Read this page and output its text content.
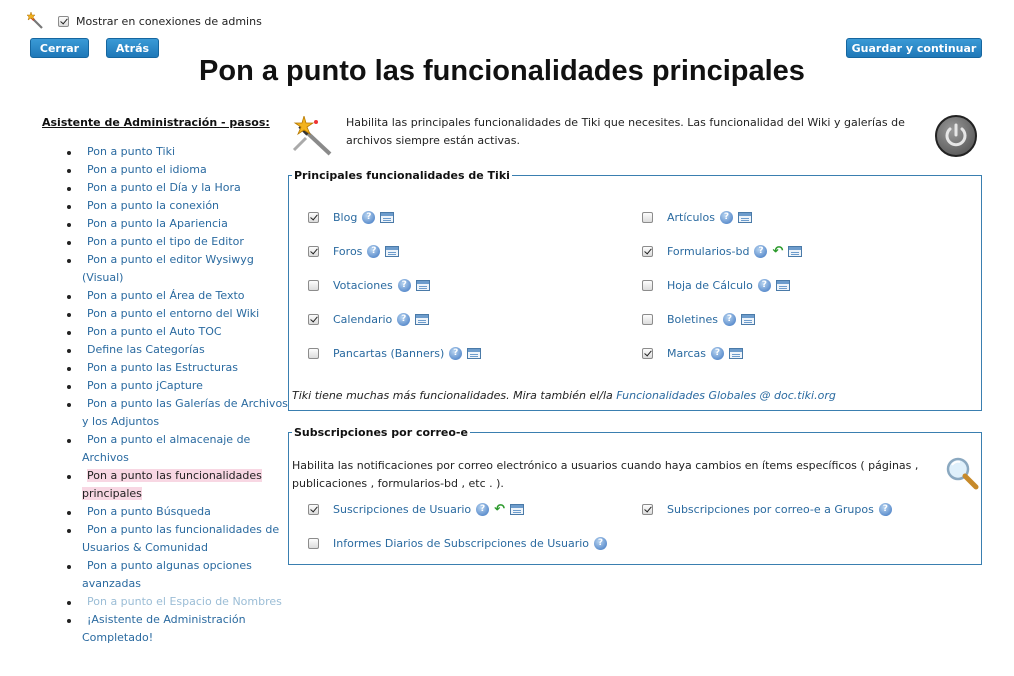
Mostrar en conexiones de admins
Cerrar	Atrás	Guardar y continuar
Pon a punto las funcionalidades principales
Asistente de Administración - pasos:
Pon a punto Tiki
Pon a punto el idioma
Pon a punto el Día y la Hora
Pon a punto la conexión
Pon a punto la Apariencia
Pon a punto el tipo de Editor
Pon a punto el editor Wysiwyg (Visual)
Pon a punto el Área de Texto
Pon a punto el entorno del Wiki
Pon a punto el Auto TOC
Define las Categorías
Pon a punto las Estructuras
Pon a punto jCapture
Pon a punto las Galerías de Archivos y los Adjuntos
Pon a punto el almacenaje de Archivos
Pon a punto las funcionalidades principales
Pon a punto Búsqueda
Pon a punto las funcionalidades de Usuarios & Comunidad
Pon a punto algunas opciones avanzadas
Pon a punto el Espacio de Nombres
¡Asistente de Administración Completado!
Habilita las principales funcionalidades de Tiki que necesites. Las funcionalidad del Wiki y galerías de archivos siempre están activas.
Principales funcionalidades de Tiki
Blog ?	Artículos ?
Foros ?	Formularios-bd ? ↶
Votaciones ?	Hoja de Cálculo ?
Calendario ?	Boletines ?
Pancartas (Banners) ?	Marcas ?
Tiki tiene muchas más funcionalidades. Mira también el/la Funcionalidades Globales @ doc.tiki.org
Subscripciones por correo-e
Habilita las notificaciones por correo electrónico a usuarios cuando haya cambios en ítems específicos ( páginas , publicaciones , formularios-bd , etc . ).
Suscripciones de Usuario ? ↶	Subscripciones por correo-e a Grupos ?
Informes Diarios de Subscripciones de Usuario ?
